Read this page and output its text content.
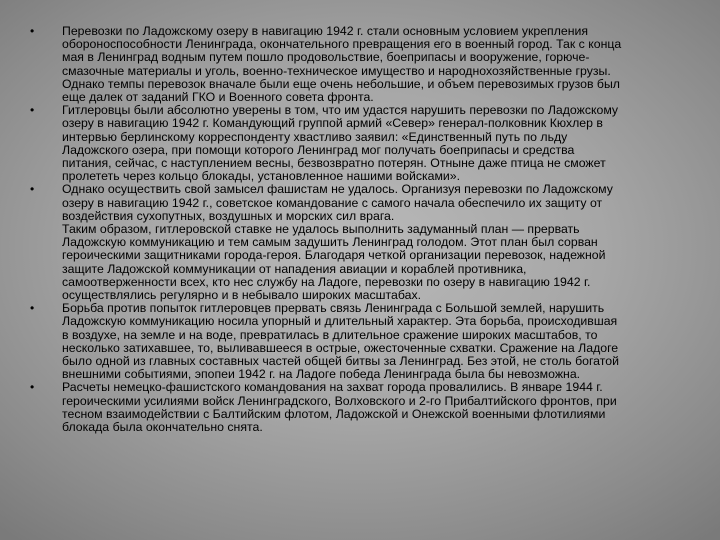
• Перевозки по Ладожскому озеру в навигацию 1942 г. стали основным условием укрепления
обороноспособности Ленинграда, окончательного превращения его в военный город. Так с конца
мая в Ленинград водным путем пошло продовольствие, боеприпасы и вооружение, горюче-
смазочные материалы и уголь, военно-техническое имущество и народнохозяйственные грузы.
Однако темпы перевозок вначале были еще очень небольшие, и объем перевозимых грузов был
еще далек от заданий ГКО и Военного совета фронта.
• Гитлеровцы были абсолютно уверены в том, что им удастся нарушить перевозки по Ладожскому
озеру в навигацию 1942 г. Командующий группой армий «Север» генерал-полковник Кюхлер в
интервью берлинскому корреспонденту хвастливо заявил: «Единственный путь по льду
Ладожского озера, при помощи которого Ленинград мог получать боеприпасы и средства
питания, сейчас, с наступлением весны, безвозвратно потерян. Отныне даже птица не сможет
пролететь через кольцо блокады, установленное нашими войсками».
• Однако осуществить свой замысел фашистам не удалось. Организуя перевозки по Ладожскому
озеру в навигацию 1942 г., советское командование с самого начала обеспечило их защиту от
воздействия сухопутных, воздушных и морских сил врага.
Таким образом, гитлеровской ставке не удалось выполнить задуманный план — прервать
Ладожскую коммуникацию и тем самым задушить Ленинград голодом. Этот план был сорван
героическими защитниками города-героя. Благодаря четкой организации перевозок, надежной
защите Ладожской коммуникации от нападения авиации и кораблей противника,
самоотверженности всех, кто нес службу на Ладоге, перевозки по озеру в навигацию 1942 г.
осуществлялись регулярно и в небывало широких масштабах.
• Борьба против попыток гитлеровцев прервать связь Ленинграда с Большой землей, нарушить
Ладожскую коммуникацию носила упорный и длительный характер. Эта борьба, происходившая
в воздухе, на земле и на воде, превратилась в длительное сражение широких масштабов, то
несколько затихавшее, то, выливавшееся в острые, ожесточенные схватки. Сражение на Ладоге
было одной из главных составных частей общей битвы за Ленинград. Без этой, не столь богатой
внешними событиями, эпопеи 1942 г. на Ладоге победа Ленинграда была бы невозможна.
• Расчеты немецко-фашистского командования на захват города провалились. В январе 1944 г.
героическими усилиями войск Ленинградского, Волховского и 2-го Прибалтийского фронтов, при
тесном взаимодействии с Балтийским флотом, Ладожской и Онежской военными флотилиями
блокада была окончательно снята.
